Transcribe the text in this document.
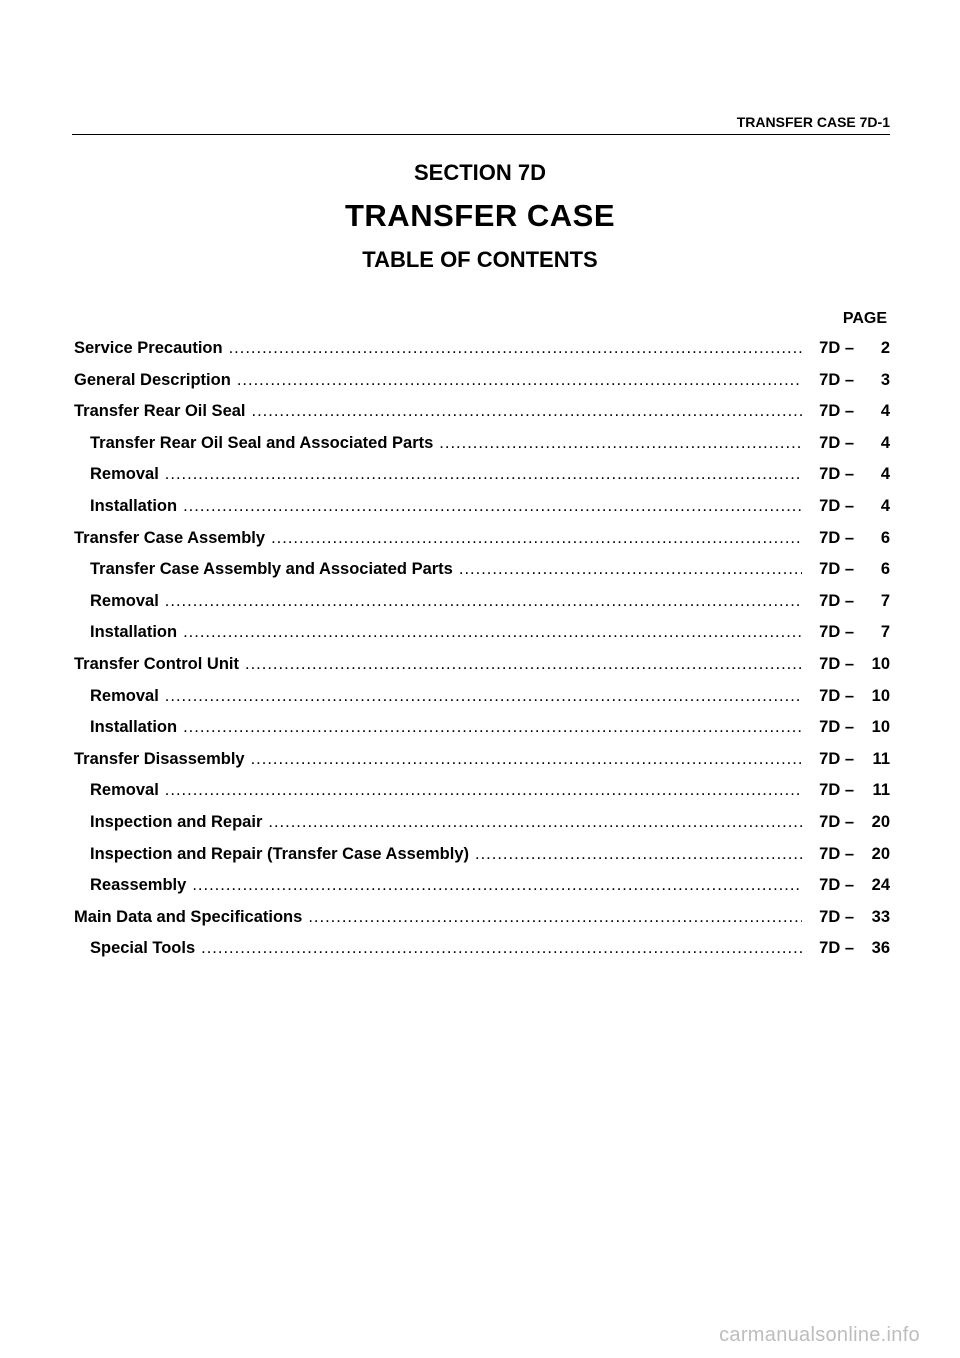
TRANSFER CASE 7D-1
SECTION 7D
TRANSFER CASE
TABLE OF CONTENTS
PAGE
Service Precaution .....	7D –	2
General Description .....	7D –	3
Transfer Rear Oil Seal .....	7D –	4
Transfer Rear Oil Seal and Associated Parts .....	7D –	4
Removal .....	7D –	4
Installation .....	7D –	4
Transfer Case Assembly .....	7D –	6
Transfer Case Assembly and Associated Parts .....	7D –	6
Removal .....	7D –	7
Installation .....	7D –	7
Transfer Control Unit .....	7D –	10
Removal .....	7D –	10
Installation .....	7D –	10
Transfer Disassembly .....	7D –	11
Removal .....	7D –	11
Inspection and Repair .....	7D –	20
Inspection and Repair (Transfer Case Assembly) .....	7D –	20
Reassembly .....	7D –	24
Main Data and Specifications .....	7D –	33
Special Tools .....	7D –	36
carmanualsonline.info
